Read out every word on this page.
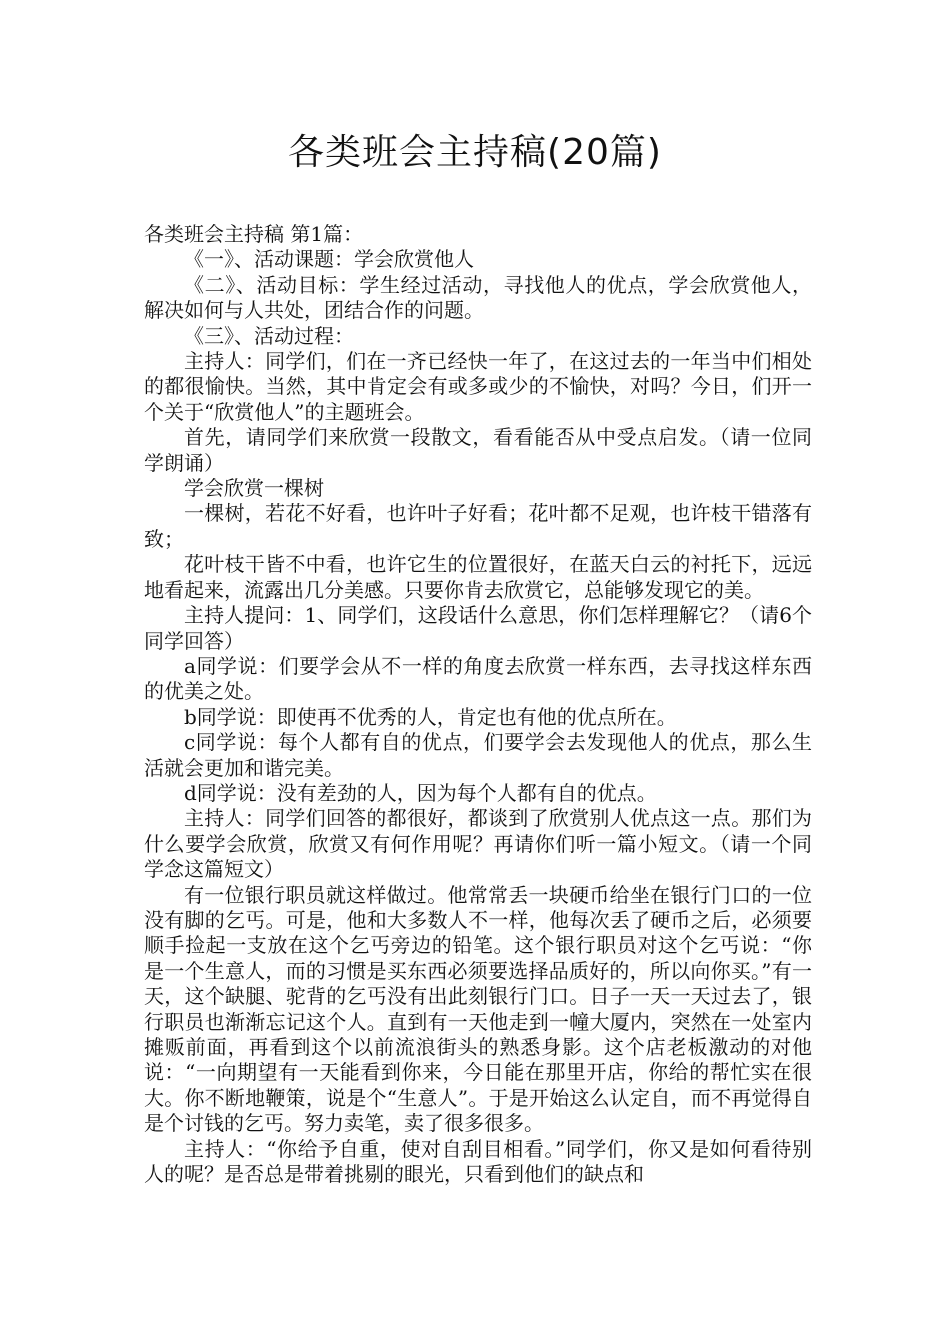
各类班会主持稿(20篇)

各类班会主持稿 第1篇：

《一》、活动课题：学会欣赏他人

《二》、活动目标：学生经过活动，寻找他人的优点，学会欣赏他人，解决如何与人共处，团结合作的问题。

《三》、活动过程：

主持人：同学们，们在一齐已经快一年了，在这过去的一年当中们相处的都很愉快。当然，其中肯定会有或多或少的不愉快，对吗？今日，们开一个关于“欣赏他人”的主题班会。

首先，请同学们来欣赏一段散文，看看能否从中受点启发。（请一位同学朗诵）

学会欣赏一棵树

一棵树，若花不好看，也许叶子好看；花叶都不足观，也许枝干错落有致；

花叶枝干皆不中看，也许它生的位置很好，在蓝天白云的衬托下，远远地看起来，流露出几分美感。只要你肯去欣赏它，总能够发现它的美。

主持人提问：1、同学们，这段话什么意思，你们怎样理解它？（请6个同学回答）

a同学说：们要学会从不一样的角度去欣赏一样东西，去寻找这样东西的优美之处。

b同学说：即使再不优秀的人，肯定也有他的优点所在。

c同学说：每个人都有自的优点，们要学会去发现他人的优点，那么生活就会更加和谐完美。

d同学说：没有差劲的人，因为每个人都有自的优点。

主持人：同学们回答的都很好，都谈到了欣赏别人优点这一点。那们为什么要学会欣赏，欣赏又有何作用呢？再请你们听一篇小短文。（请一个同学念这篇短文）

有一位银行职员就这样做过。他常常丢一块硬币给坐在银行门口的一位没有脚的乞丐。可是，他和大多数人不一样，他每次丢了硬币之后，必须要顺手捡起一支放在这个乞丐旁边的铅笔。这个银行职员对这个乞丐说：“你是一个生意人，而的习惯是买东西必须要选择品质好的，所以向你买。”有一天，这个缺腿、驼背的乞丐没有出此刻银行门口。日子一天一天过去了，银行职员也渐渐忘记这个人。直到有一天他走到一幢大厦内，突然在一处室内摊贩前面，再看到这个以前流浪街头的熟悉身影。这个店老板激动的对他说：“一向期望有一天能看到你来，今日能在那里开店，你给的帮忙实在很大。你不断地鞭策，说是个“生意人”。于是开始这么认定自，而不再觉得自是个讨钱的乞丐。努力卖笔，卖了很多很多。

主持人：“你给予自重，使对自刮目相看。”同学们，你又是如何看待别人的呢？是否总是带着挑剔的眼光，只看到他们的缺点和
